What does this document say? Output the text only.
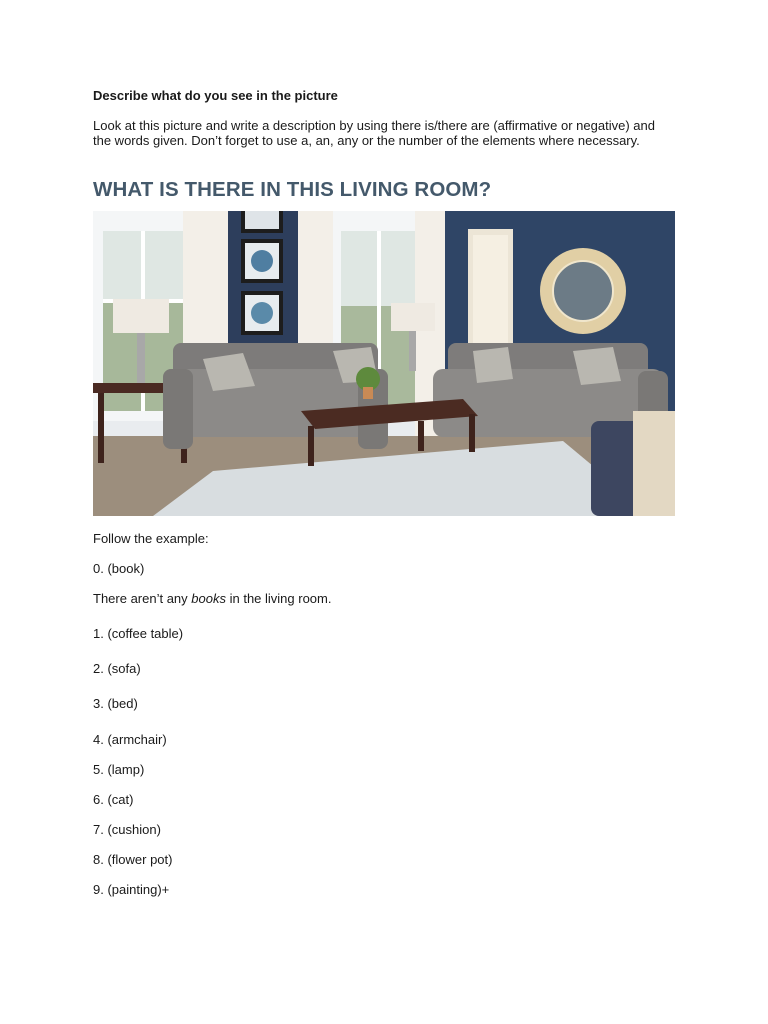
Describe what do you see in the picture
Look at this picture and write a description by using there is/there are (affirmative or negative) and the words given. Don’t forget to use a, an, any or the number of the elements where necessary.
WHAT IS THERE IN THIS LIVING ROOM?
Follow the example:
0. (book)
There aren’t any books in the living room.
1. (coffee table)
2. (sofa)
3. (bed)
4. (armchair)
5. (lamp)
6. (cat)
7. (cushion)
8. (flower pot)
9. (painting)+
